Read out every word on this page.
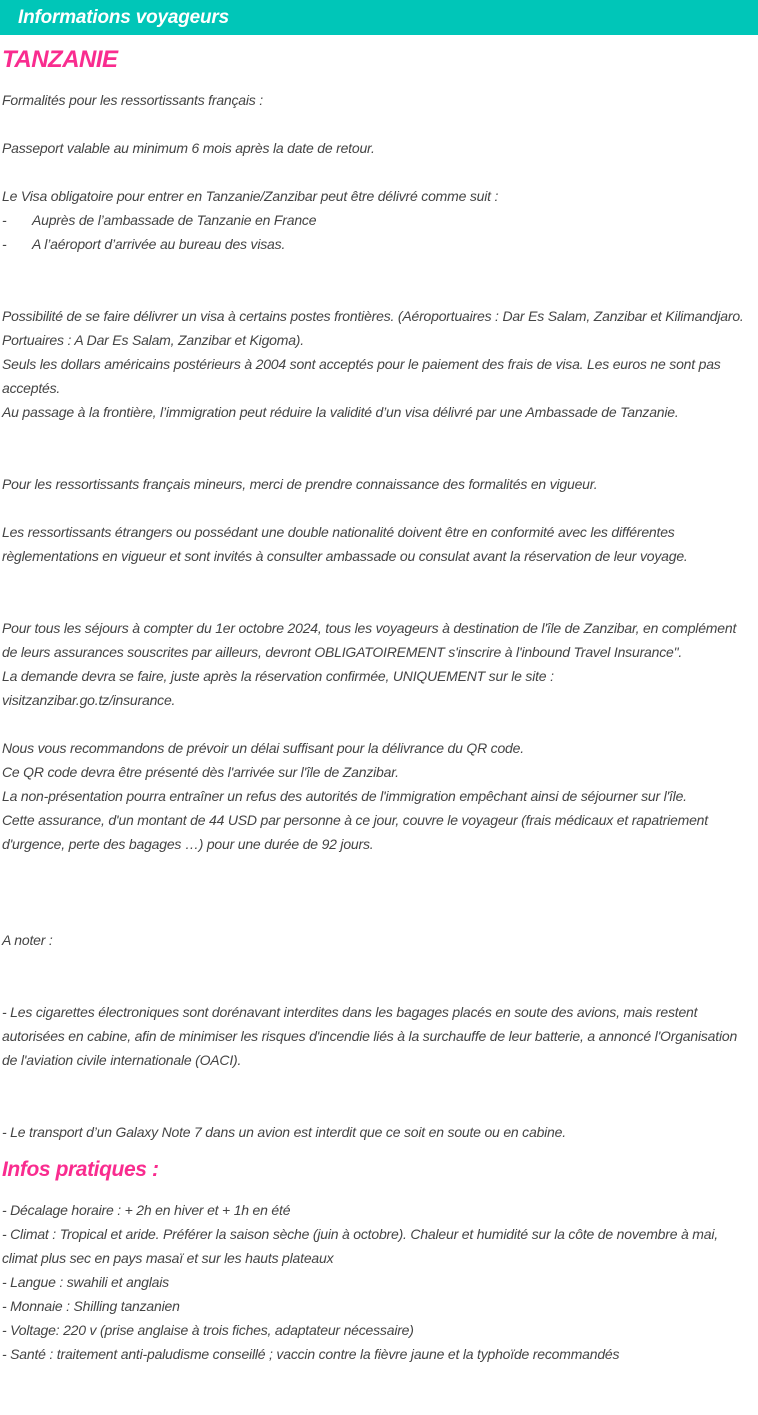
Informations voyageurs
TANZANIE

Formalités pour les ressortissants français :

Passeport valable au minimum 6 mois après la date de retour.

Le Visa obligatoire pour entrer en Tanzanie/Zanzibar peut être délivré comme suit :

-	Auprès de l’ambassade de Tanzanie en France
-	A l’aéroport d’arrivée au bureau des visas.

Possibilité de se faire délivrer un visa à certains postes frontières. (Aéroportuaires : Dar Es Salam, Zanzibar et Kilimandjaro. Portuaires : A Dar Es Salam, Zanzibar et Kigoma).

Seuls les dollars américains postérieurs à 2004 sont acceptés pour le paiement des frais de visa. Les euros ne sont pas acceptés.

Au passage à la frontière, l’immigration peut réduire la validité d’un visa délivré par une Ambassade de Tanzanie.

Pour les ressortissants français mineurs, merci de prendre connaissance des formalités en vigueur.

Les ressortissants étrangers ou possédant une double nationalité doivent être en conformité avec les différentes règlementations en vigueur et sont invités à consulter ambassade ou consulat avant la réservation de leur voyage.

Pour tous les séjours à compter du 1er octobre 2024, tous les voyageurs à destination de l'île de Zanzibar, en complément de leurs assurances souscrites par ailleurs, devront OBLIGATOIREMENT s'inscrire à l'inbound Travel Insurance".

La demande devra se faire, juste après la réservation confirmée, UNIQUEMENT sur le site :

visitzanzibar.go.tz/insurance.

Nous vous recommandons de prévoir un délai suffisant pour la délivrance du QR code.

Ce QR code devra être présenté dès l'arrivée sur l'île de Zanzibar.

La non-présentation pourra entraîner un refus des autorités de l'immigration empêchant ainsi de séjourner sur l'île.

Cette assurance, d'un montant de 44 USD par personne à ce jour, couvre le voyageur (frais médicaux et rapatriement d'urgence, perte des bagages …) pour une durée de 92 jours.

A noter :

- Les cigarettes électroniques sont dorénavant interdites dans les bagages placés en soute des avions, mais restent autorisées en cabine, afin de minimiser les risques d'incendie liés à la surchauffe de leur batterie, a annoncé l'Organisation de l'aviation civile internationale (OACI).

- Le transport d’un Galaxy Note 7 dans un avion est interdit que ce soit en soute ou en cabine.

Infos pratiques :

- Décalage horaire : + 2h en hiver et + 1h en été

- Climat : Tropical et aride. Préférer la saison sèche (juin à octobre). Chaleur et humidité sur la côte de novembre à mai, climat plus sec en pays masaï et sur les hauts plateaux

- Langue : swahili et anglais

- Monnaie : Shilling tanzanien

- Voltage: 220 v (prise anglaise à trois fiches, adaptateur nécessaire)

- Santé : traitement anti-paludisme conseillé ; vaccin contre la fièvre jaune et la typhoïde recommandés
